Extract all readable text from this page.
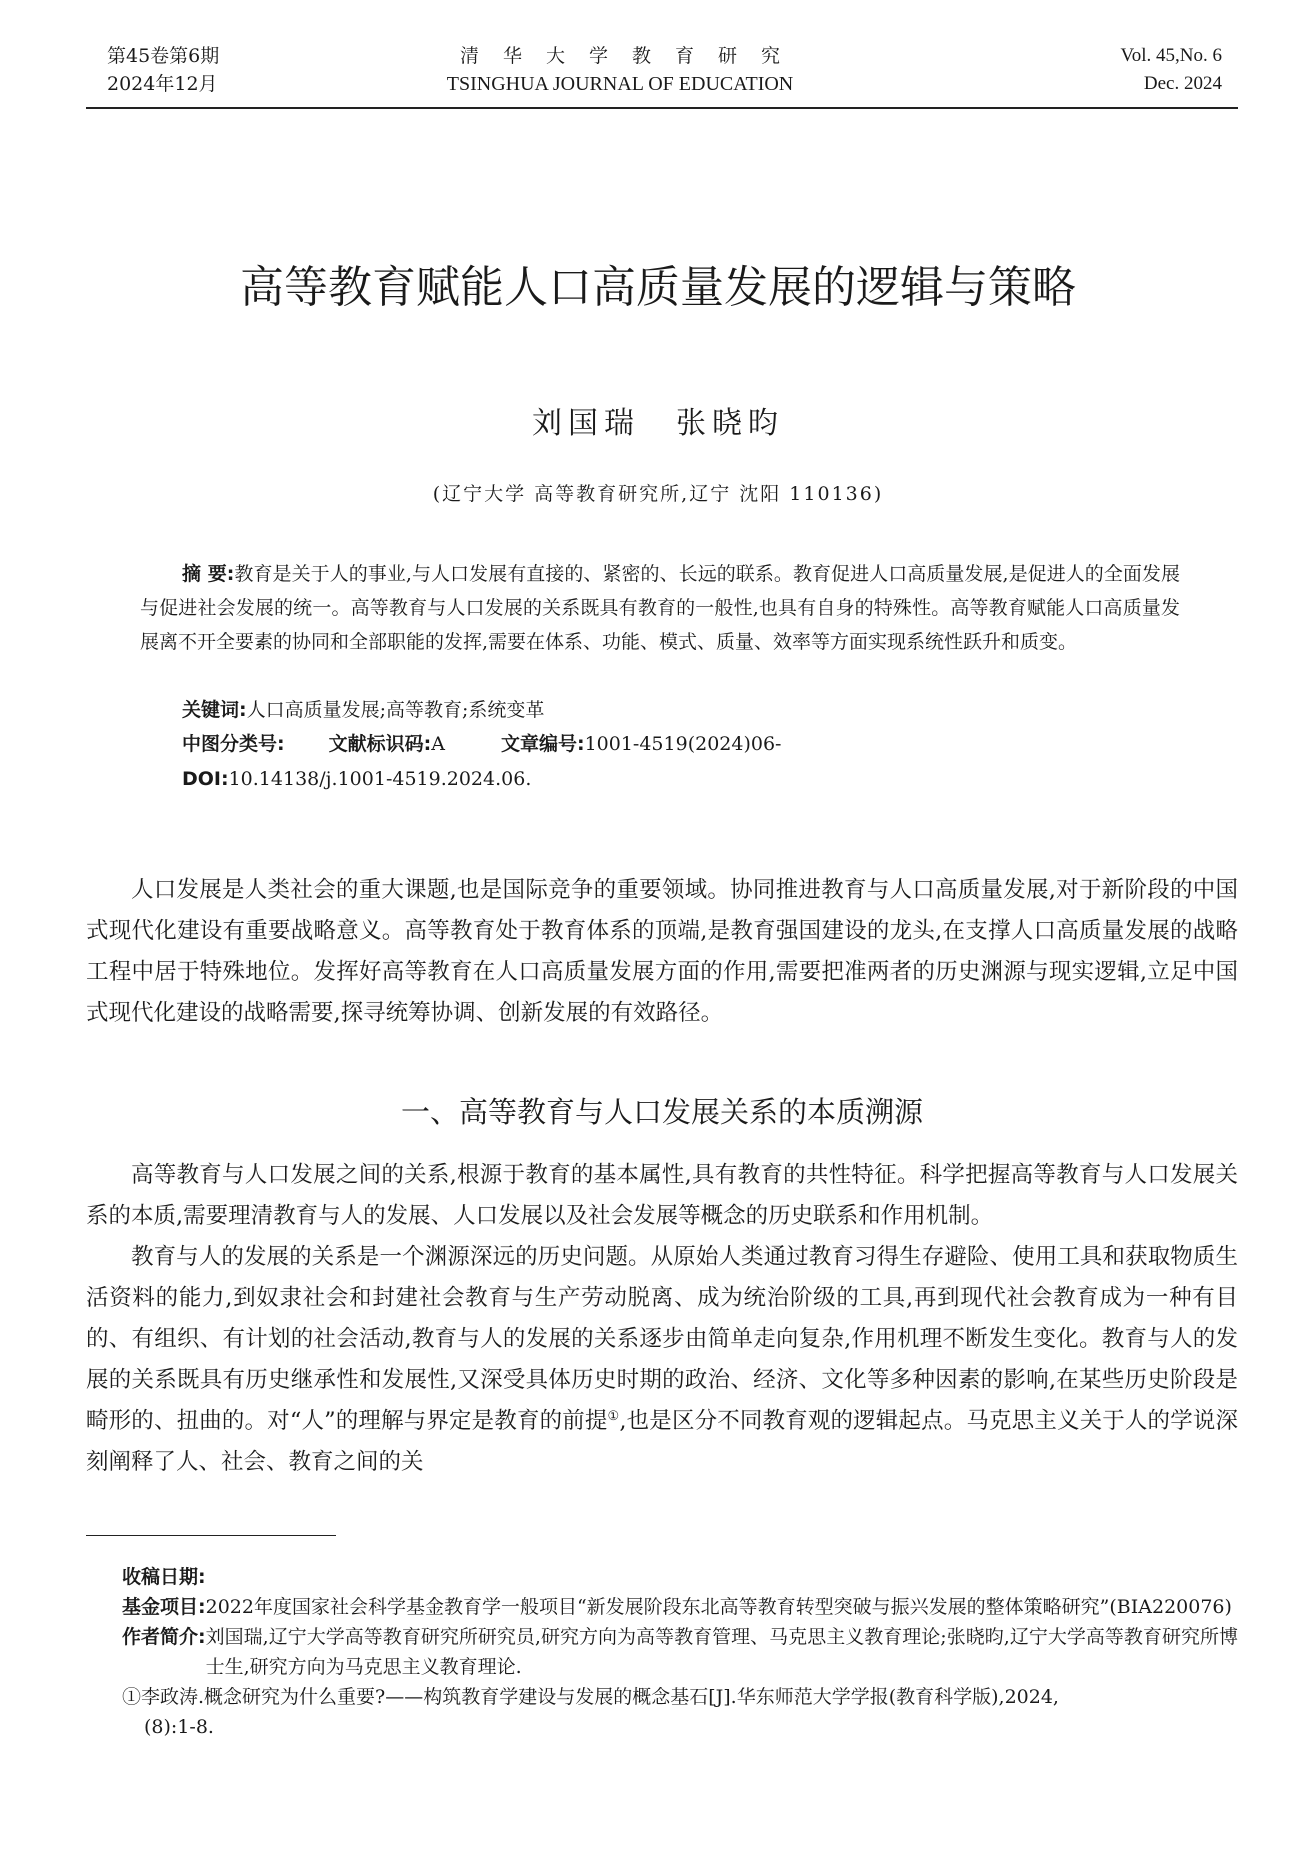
第45卷第6期
2024年12月
清华大学教育研究
TSINGHUA JOURNAL OF EDUCATION
Vol. 45,No. 6
Dec. 2024
高等教育赋能人口高质量发展的逻辑与策略
刘国瑞 张晓昀
(辽宁大学 高等教育研究所,辽宁 沈阳 110136)

摘 要:教育是关于人的事业,与人口发展有直接的、紧密的、长远的联系。教育促进人口高质量发展,是促进人的全面发展与促进社会发展的统一。高等教育与人口发展的关系既具有教育的一般性,也具有自身的特殊性。高等教育赋能人口高质量发展离不开全要素的协同和全部职能的发挥,需要在体系、功能、模式、质量、效率等方面实现系统性跃升和质变。

关键词:人口高质量发展;高等教育;系统变革
中图分类号: 文献标识码:A	文章编号:1001-4519(2024)06-
DOI:10.14138/j.1001-4519.2024.06.

人口发展是人类社会的重大课题,也是国际竞争的重要领域。协同推进教育与人口高质量发展,对于新阶段的中国式现代化建设有重要战略意义。高等教育处于教育体系的顶端,是教育强国建设的龙头,在支撑人口高质量发展的战略工程中居于特殊地位。发挥好高等教育在人口高质量发展方面的作用,需要把准两者的历史渊源与现实逻辑,立足中国式现代化建设的战略需要,探寻统筹协调、创新发展的有效路径。

一、高等教育与人口发展关系的本质溯源

高等教育与人口发展之间的关系,根源于教育的基本属性,具有教育的共性特征。科学把握高等教育与人口发展关系的本质,需要理清教育与人的发展、人口发展以及社会发展等概念的历史联系和作用机制。

教育与人的发展的关系是一个渊源深远的历史问题。从原始人类通过教育习得生存避险、使用工具和获取物质生活资料的能力,到奴隶社会和封建社会教育与生产劳动脱离、成为统治阶级的工具,再到现代社会教育成为一种有目的、有组织、有计划的社会活动,教育与人的发展的关系逐步由简单走向复杂,作用机理不断发生变化。教育与人的发展的关系既具有历史继承性和发展性,又深受具体历史时期的政治、经济、文化等多种因素的影响,在某些历史阶段是畸形的、扭曲的。对“人”的理解与界定是教育的前提①,也是区分不同教育观的逻辑起点。马克思主义关于人的学说深刻阐释了人、社会、教育之间的关

收稿日期:
基金项目: 2022年度国家社会科学基金教育学一般项目“新发展阶段东北高等教育转型突破与振兴发展的整体策略研究”(BIA220076)
作者简介: 刘国瑞,辽宁大学高等教育研究所研究员,研究方向为高等教育管理、马克思主义教育理论;张晓昀,辽宁大学高等教育研究所博士生,研究方向为马克思主义教育理论.
①李政涛.概念研究为什么重要?——构筑教育学建设与发展的概念基石[J].华东师范大学学报(教育科学版),2024,
(8):1-8.
